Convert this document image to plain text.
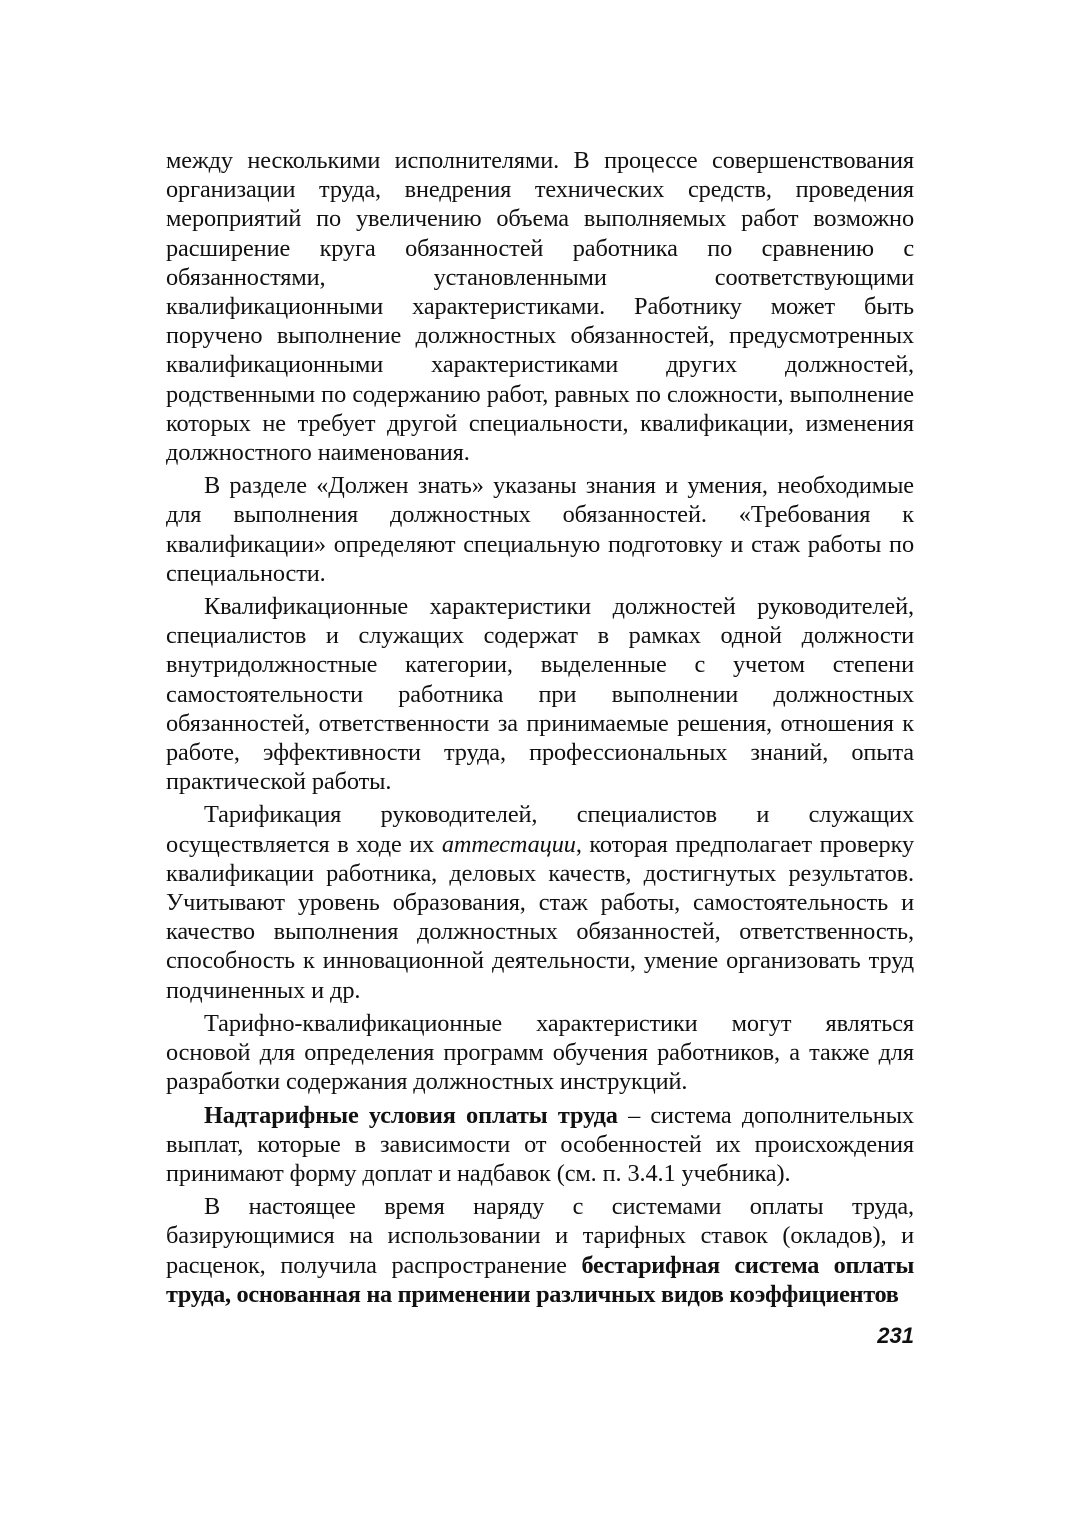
между несколькими исполнителями. В процессе совершенствования организации труда, внедрения технических средств, проведения мероприятий по увеличению объема выполняемых работ возможно расширение круга обязанностей работника по сравнению с обязанностями, установленными соответствующими квалификационными характеристиками. Работнику может быть поручено выполнение должностных обязанностей, предусмотренных квалификационными характеристиками других должностей, родственными по содержанию работ, равных по сложности, выполнение которых не требует другой специальности, квалификации, изменения должностного наименования.

В разделе «Должен знать» указаны знания и умения, необходимые для выполнения должностных обязанностей. «Требования к квалификации» определяют специальную подготовку и стаж работы по специальности.

Квалификационные характеристики должностей руководителей, специалистов и служащих содержат в рамках одной должности внутридолжностные категории, выделенные с учетом степени самостоятельности работника при выполнении должностных обязанностей, ответственности за принимаемые решения, отношения к работе, эффективности труда, профессиональных знаний, опыта практической работы.

Тарификация руководителей, специалистов и служащих осуществляется в ходе их аттестации, которая предполагает проверку квалификации работника, деловых качеств, достигнутых результатов. Учитывают уровень образования, стаж работы, самостоятельность и качество выполнения должностных обязанностей, ответственность, способность к инновационной деятельности, умение организовать труд подчиненных и др.

Тарифно-квалификационные характеристики могут являться основой для определения программ обучения работников, а также для разработки содержания должностных инструкций.

Надтарифные условия оплаты труда – система дополнительных выплат, которые в зависимости от особенностей их происхождения принимают форму доплат и надбавок (см. п. 3.4.1 учебника).

В настоящее время наряду с системами оплаты труда, базирующимися на использовании и тарифных ставок (окладов), и расценок, получила распространение бестарифная система оплаты труда, основанная на применении различных видов коэффициентов

231
